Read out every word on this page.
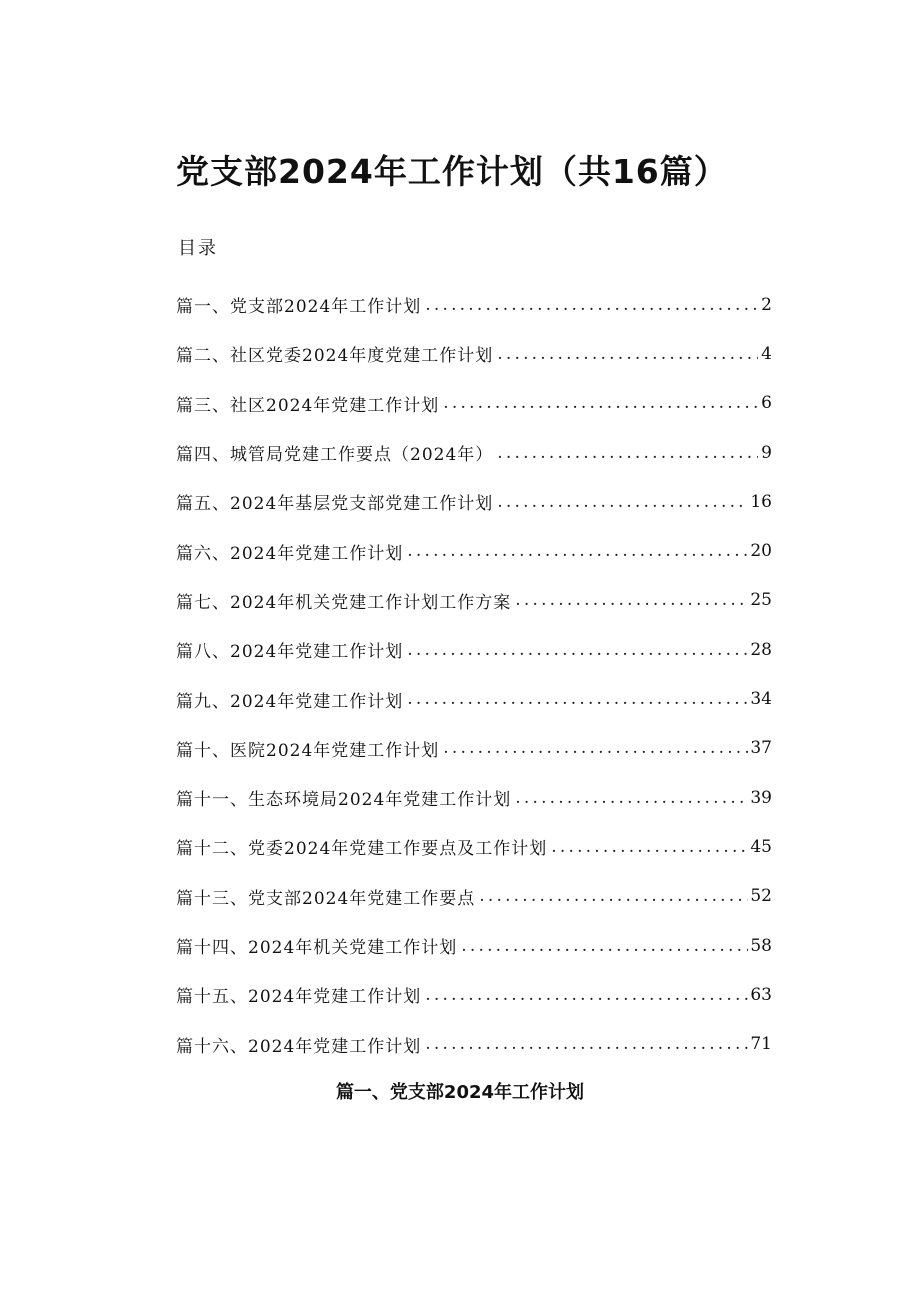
党支部2024年工作计划（共16篇）
目录
篇一、党支部2024年工作计划 .....	2
篇二、社区党委2024年度党建工作计划 .....	4
篇三、社区2024年党建工作计划 .....	6
篇四、城管局党建工作要点（2024年） .....	9
篇五、2024年基层党支部党建工作计划 .....	16
篇六、2024年党建工作计划 .....	20
篇七、2024年机关党建工作计划工作方案 .....	25
篇八、2024年党建工作计划 .....	28
篇九、2024年党建工作计划 .....	34
篇十、医院2024年党建工作计划 .....	37
篇十一、生态环境局2024年党建工作计划 .....	39
篇十二、党委2024年党建工作要点及工作计划 .....	45
篇十三、党支部2024年党建工作要点 .....	52
篇十四、2024年机关党建工作计划 .....	58
篇十五、2024年党建工作计划 .....	63
篇十六、2024年党建工作计划 .....	71
篇一、党支部2024年工作计划
